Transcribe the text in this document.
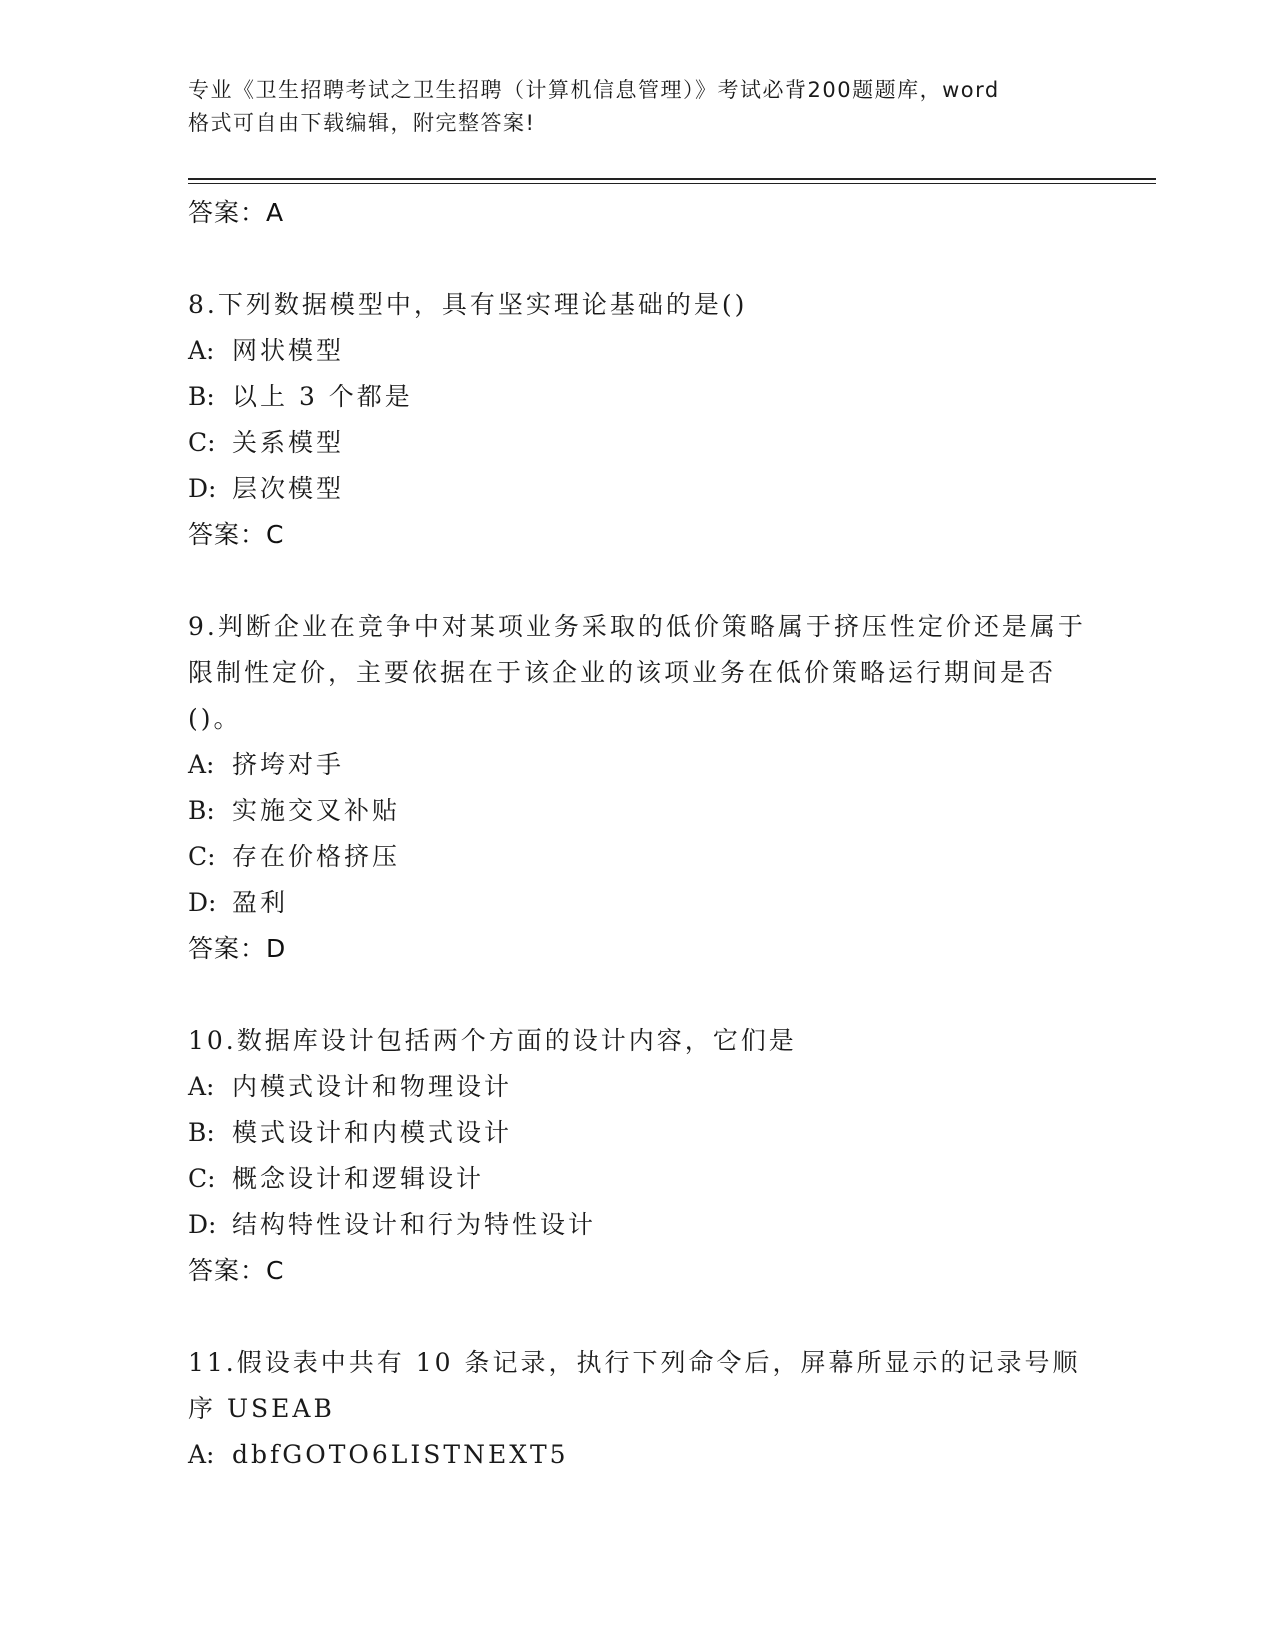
专业《卫生招聘考试之卫生招聘（计算机信息管理）》考试必背200题题库，word
格式可自由下载编辑，附完整答案!
答案：A
8.下列数据模型中，具有坚实理论基础的是()
A: 网状模型
B: 以上 3 个都是
C: 关系模型
D: 层次模型
答案：C
9.判断企业在竞争中对某项业务采取的低价策略属于挤压性定价还是属于限制性定价，主要依据在于该企业的该项业务在低价策略运行期间是否()。
A: 挤垮对手
B: 实施交叉补贴
C: 存在价格挤压
D: 盈利
答案：D
10.数据库设计包括两个方面的设计内容，它们是
A: 内模式设计和物理设计
B: 模式设计和内模式设计
C: 概念设计和逻辑设计
D: 结构特性设计和行为特性设计
答案：C
11.假设表中共有 10 条记录，执行下列命令后，屏幕所显示的记录号顺序 USEAB
A: dbfGOTO6LISTNEXT5
